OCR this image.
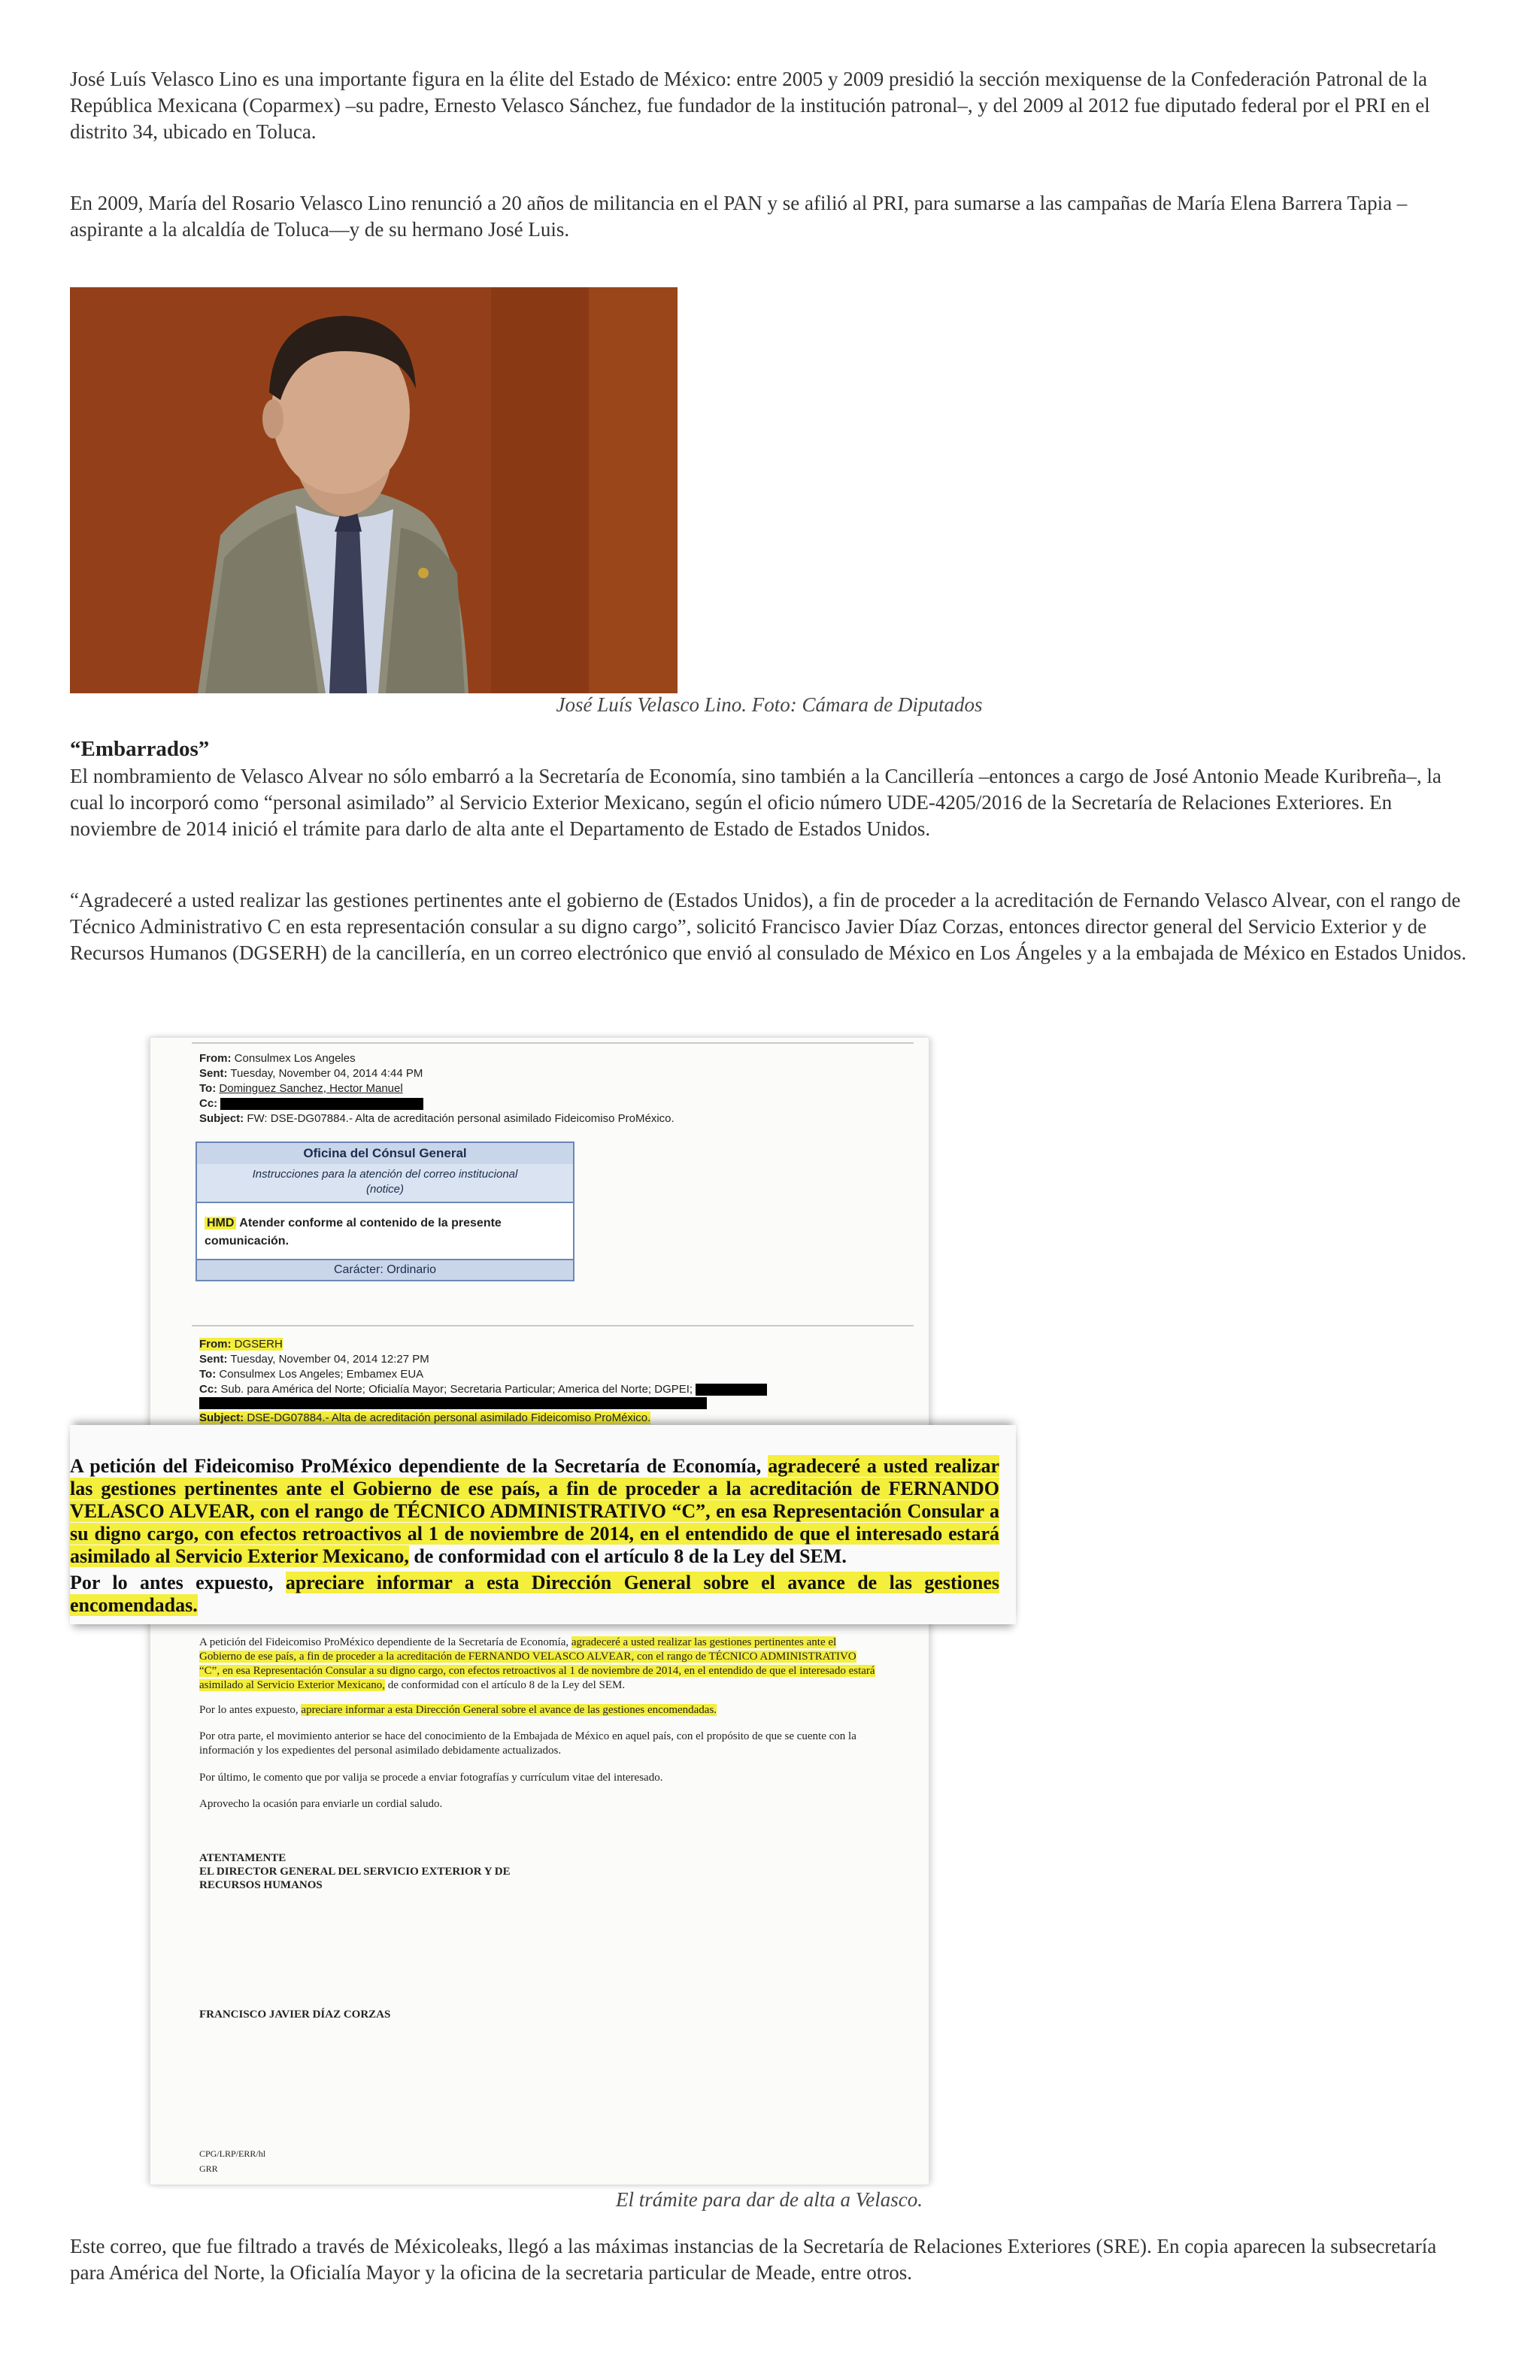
José Luís Velasco Lino es una importante figura en la élite del Estado de México: entre 2005 y 2009 presidió la sección mexiquense de la Confederación Patronal de la República Mexicana (Coparmex) –su padre, Ernesto Velasco Sánchez, fue fundador de la institución patronal–, y del 2009 al 2012 fue diputado federal por el PRI en el distrito 34, ubicado en Toluca.

En 2009, María del Rosario Velasco Lino renunció a 20 años de militancia en el PAN y se afilió al PRI, para sumarse a las campañas de María Elena Barrera Tapia –aspirante a la alcaldía de Toluca—y de su hermano José Luis.

José Luís Velasco Lino. Foto: Cámara de Diputados
“Embarrados”

El nombramiento de Velasco Alvear no sólo embarró a la Secretaría de Economía, sino también a la Cancillería –entonces a cargo de José Antonio Meade Kuribreña–, la cual lo incorporó como “personal asimilado” al Servicio Exterior Mexicano, según el oficio número UDE-4205/2016 de la Secretaría de Relaciones Exteriores. En noviembre de 2014 inició el trámite para darlo de alta ante el Departamento de Estado de Estados Unidos.

“Agradeceré a usted realizar las gestiones pertinentes ante el gobierno de (Estados Unidos), a fin de proceder a la acreditación de Fernando Velasco Alvear, con el rango de Técnico Administrativo C en esta representación consular a su digno cargo”, solicitó Francisco Javier Díaz Corzas, entonces director general del Servicio Exterior y de Recursos Humanos (DGSERH) de la cancillería, en un correo electrónico que envió al consulado de México en Los Ángeles y a la embajada de México en Estados Unidos.

From: Consulmex Los Angeles
Sent: Tuesday, November 04, 2014 4:44 PM
To: Dominguez Sanchez, Hector Manuel
Cc:
Subject: FW: DSE-DG07884.- Alta de acreditación personal asimilado Fideicomiso ProMéxico.
Oficina del Cónsul General
Instrucciones para la atención del correo institucional
(notice)
HMD Atender conforme al contenido de la presente comunicación.
Carácter: Ordinario
From: DGSERH
Sent: Tuesday, November 04, 2014 12:27 PM
To: Consulmex Los Angeles; Embamex EUA
Cc: Sub. para América del Norte; Oficialía Mayor; Secretaria Particular; America del Norte; DGPEI;
Subject: DSE-DG07884.- Alta de acreditación personal asimilado Fideicomiso ProMéxico.

A petición del Fideicomiso ProMéxico dependiente de la Secretaría de Economía, agradeceré a usted realizar las gestiones pertinentes ante el Gobierno de ese país, a fin de proceder a la acreditación de FERNANDO VELASCO ALVEAR, con el rango de TÉCNICO ADMINISTRATIVO “C”, en esa Representación Consular a su digno cargo, con efectos retroactivos al 1 de noviembre de 2014, en el entendido de que el interesado estará asimilado al Servicio Exterior Mexicano, de conformidad con el artículo 8 de la Ley del SEM.

Por lo antes expuesto, apreciare informar a esta Dirección General sobre el avance de las gestiones encomendadas.

Por otra parte, el movimiento anterior se hace del conocimiento de la Embajada de México en aquel país, con el propósito de que se cuente con la información y los expedientes del personal asimilado debidamente actualizados.

Por último, le comento que por valija se procede a enviar fotografías y currículum vitae del interesado.

Aprovecho la ocasión para enviarle un cordial saludo.

ATENTAMENTE

EL DIRECTOR GENERAL DEL SERVICIO EXTERIOR Y DE

RECURSOS HUMANOS

FRANCISCO JAVIER DÍAZ CORZAS

CPG/LRP/ERR/hl

GRR

A petición del Fideicomiso ProMéxico dependiente de la Secretaría de Economía, agradeceré a usted realizar las gestiones pertinentes ante el Gobierno de ese país, a fin de proceder a la acreditación de FERNANDO VELASCO ALVEAR, con el rango de TÉCNICO ADMINISTRATIVO “C”, en esa Representación Consular a su digno cargo, con efectos retroactivos al 1 de noviembre de 2014, en el entendido de que el interesado estará asimilado al Servicio Exterior Mexicano, de conformidad con el artículo 8 de la Ley del SEM.

Por lo antes expuesto, apreciare informar a esta Dirección General sobre el avance de las gestiones encomendadas.

El trámite para dar de alta a Velasco.

Este correo, que fue filtrado a través de Méxicoleaks, llegó a las máximas instancias de la Secretaría de Relaciones Exteriores (SRE). En copia aparecen la subsecretaría para América del Norte, la Oficialía Mayor y la oficina de la secretaria particular de Meade, entre otros.
